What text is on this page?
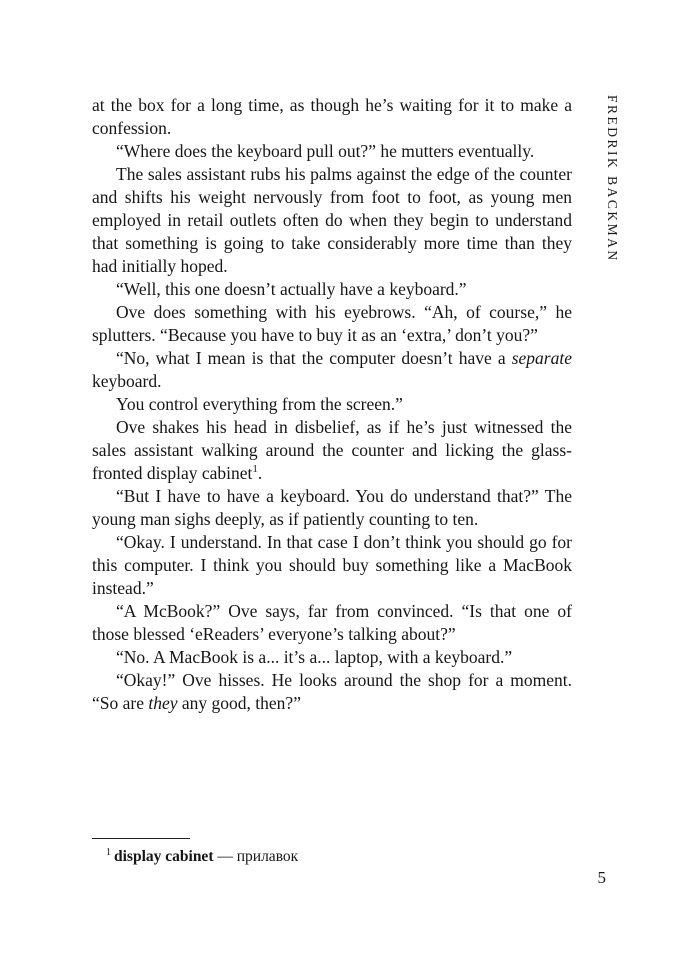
FREDRIK BACKMAN

at the box for a long time, as though he’s waiting for it to make a confession.

“Where does the keyboard pull out?” he mutters eventually.

The sales assistant rubs his palms against the edge of the counter and shifts his weight nervously from foot to foot, as young men employed in retail outlets often do when they begin to understand that something is going to take considerably more time than they had initially hoped.

“Well, this one doesn’t actually have a keyboard.”

Ove does something with his eyebrows. “Ah, of course,” he splutters. “Because you have to buy it as an ‘extra,’ don’t you?”

“No, what I mean is that the computer doesn’t have a separate keyboard.

You control everything from the screen.”

Ove shakes his head in disbelief, as if he’s just witnessed the sales assistant walking around the counter and licking the glass-fronted display cabinet$^1$.

“But I have to have a keyboard. You do understand that?” The young man sighs deeply, as if patiently counting to ten.

“Okay. I understand. In that case I don’t think you should go for this computer. I think you should buy something like a MacBook instead.”

“A McBook?” Ove says, far from convinced. “Is that one of those blessed ‘eReaders’ everyone’s talking about?”

“No. A MacBook is a... it’s a... laptop, with a keyboard.”

“Okay!” Ove hisses. He looks around the shop for a moment. “So are they any good, then?”

$^1$ display cabinet — прилавок
5
